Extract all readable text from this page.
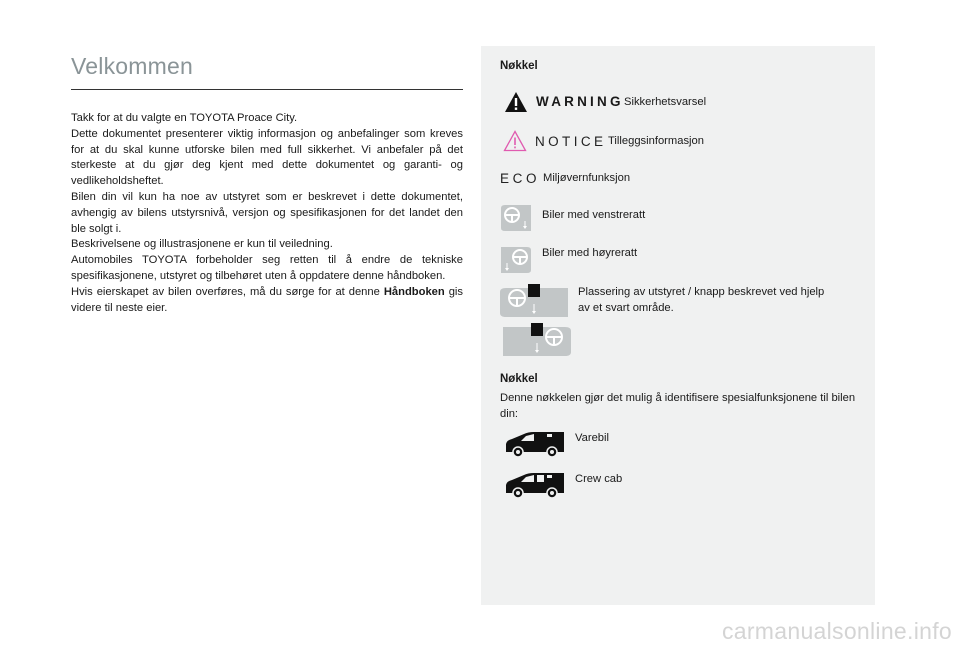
Velkommen

Takk for at du valgte en TOYOTA Proace City.

Dette dokumentet presenterer viktig informasjon og anbefalinger som kreves for at du skal kunne utforske bilen med full sikkerhet. Vi anbefaler på det sterkeste at du gjør deg kjent med dette dokumentet og garanti- og vedlikeholdsheftet.

Bilen din vil kun ha noe av utstyret som er beskrevet i dette dokumentet, avhengig av bilens utstyrsnivå, versjon og spesifikasjonen for det landet den ble solgt i.

Beskrivelsene og illustrasjonene er kun til veiledning.

Automobiles TOYOTA forbeholder seg retten til å endre de tekniske spesifikasjonene, utstyret og tilbehøret uten å oppdatere denne håndboken.

Hvis eierskapet av bilen overføres, må du sørge for at denne Håndboken gis videre til neste eier.

Nøkkel
WARNING Sikkerhetsvarsel
NOTICE Tilleggsinformasjon
ECO Miljøvernfunksjon
Biler med venstreratt
Biler med høyreratt
Plassering av utstyret / knapp beskrevet ved hjelp av et svart område.
Nøkkel
Denne nøkkelen gjør det mulig å identifisere spesialfunksjonene til bilen din:
Varebil
Crew cab
carmanualsonline.info
